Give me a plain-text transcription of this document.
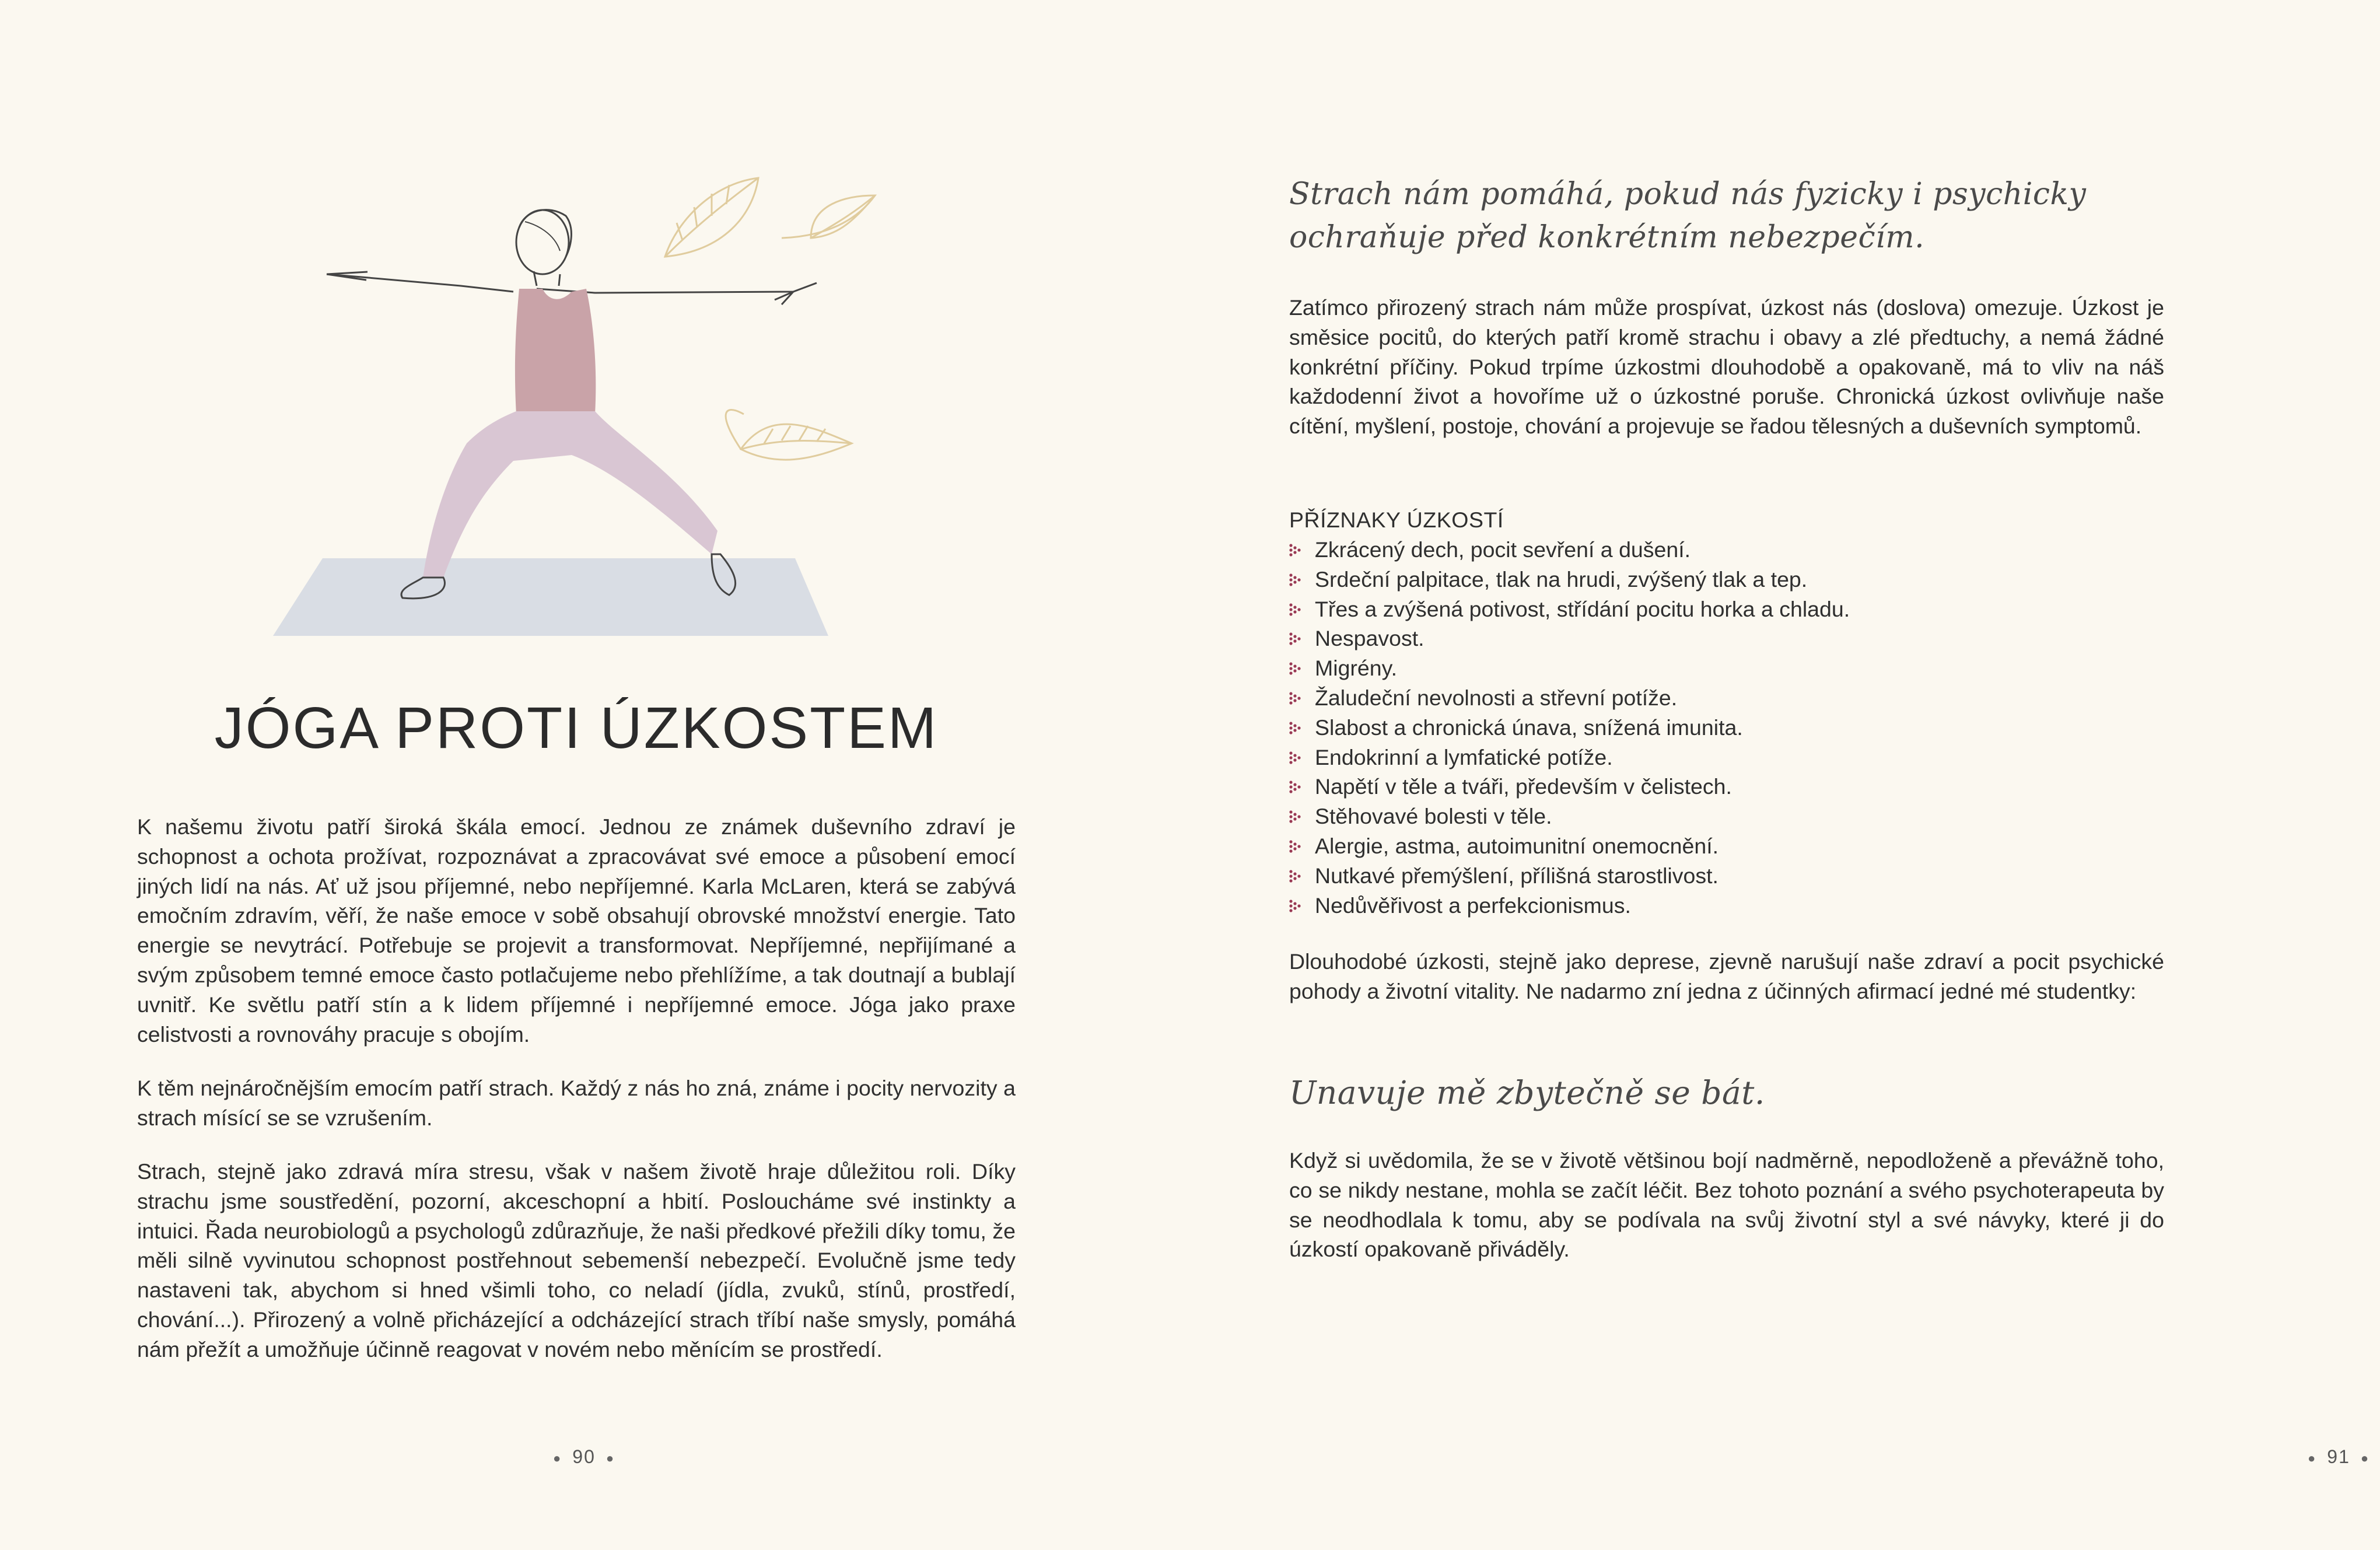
JÓGA PROTI ÚZKOSTEM

K našemu životu patří široká škála emocí. Jednou ze známek duševního zdraví je schopnost a ochota prožívat, rozpoznávat a zpracovávat své emoce a působení emocí jiných lidí na nás. Ať už jsou příjemné, nebo nepříjemné. Karla McLaren, která se zabývá emočním zdravím, věří, že naše emoce v sobě obsahují obrovské množství energie. Tato energie se nevytrácí. Potřebuje se projevit a transformovat. Nepříjemné, nepřijímané a svým způsobem temné emoce často potlačujeme nebo přehlížíme, a tak doutnají a bublají uvnitř. Ke světlu patří stín a k lidem příjemné i nepříjemné emoce. Jóga jako praxe celistvosti a rovnováhy pracuje s obojím.

K těm nejnáročnějším emocím patří strach. Každý z nás ho zná, známe i pocity nervozity a strach mísící se se vzrušením.

Strach, stejně jako zdravá míra stresu, však v našem životě hraje důležitou roli. Díky strachu jsme soustředění, pozorní, akceschopní a hbití. Posloucháme své instinkty a intuici. Řada neurobiologů a psychologů zdůrazňuje, že naši předkové přežili díky tomu, že měli silně vyvinutou schopnost postřehnout sebemenší nebezpečí. Evolučně jsme tedy nastaveni tak, abychom si hned všimli toho, co neladí (jídla, zvuků, stínů, prostředí, chování...). Přirozený a volně přicházející a odcházející strach tříbí naše smysly, pomáhá nám přežít a umožňuje účinně reagovat v novém nebo měnícím se prostředí.

● 90 ●

Strach nám pomáhá, pokud nás fyzicky i psychicky ochraňuje před konkrétním nebezpečím.

Zatímco přirozený strach nám může prospívat, úzkost nás (doslova) omezuje. Úzkost je směsice pocitů, do kterých patří kromě strachu i obavy a zlé předtuchy, a nemá žádné konkrétní příčiny. Pokud trpíme úzkostmi dlouhodobě a opakovaně, má to vliv na náš každodenní život a hovoříme už o úzkostné poruše. Chronická úzkost ovlivňuje naše cítění, myšlení, postoje, chování a projevuje se řadou tělesných a duševních symptomů.

PŘÍZNAKY ÚZKOSTÍ
Zkrácený dech, pocit sevření a dušení.
Srdeční palpitace, tlak na hrudi, zvýšený tlak a tep.
Třes a zvýšená potivost, střídání pocitu horka a chladu.
Nespavost.
Migrény.
Žaludeční nevolnosti a střevní potíže.
Slabost a chronická únava, snížená imunita.
Endokrinní a lymfatické potíže.
Napětí v těle a tváři, především v čelistech.
Stěhovavé bolesti v těle.
Alergie, astma, autoimunitní onemocnění.
Nutkavé přemýšlení, přílišná starostlivost.
Nedůvěřivost a perfekcionismus.

Dlouhodobé úzkosti, stejně jako deprese, zjevně narušují naše zdraví a pocit psychické pohody a životní vitality. Ne nadarmo zní jedna z účinných afirmací jedné mé studentky:

Unavuje mě zbytečně se bát.

Když si uvědomila, že se v životě většinou bojí nadměrně, nepodloženě a převážně toho, co se nikdy nestane, mohla se začít léčit. Bez tohoto poznání a svého psychoterapeuta by se neodhodlala k tomu, aby se podívala na svůj životní styl a své návyky, které ji do úzkostí opakovaně přiváděly.

● 91 ●
